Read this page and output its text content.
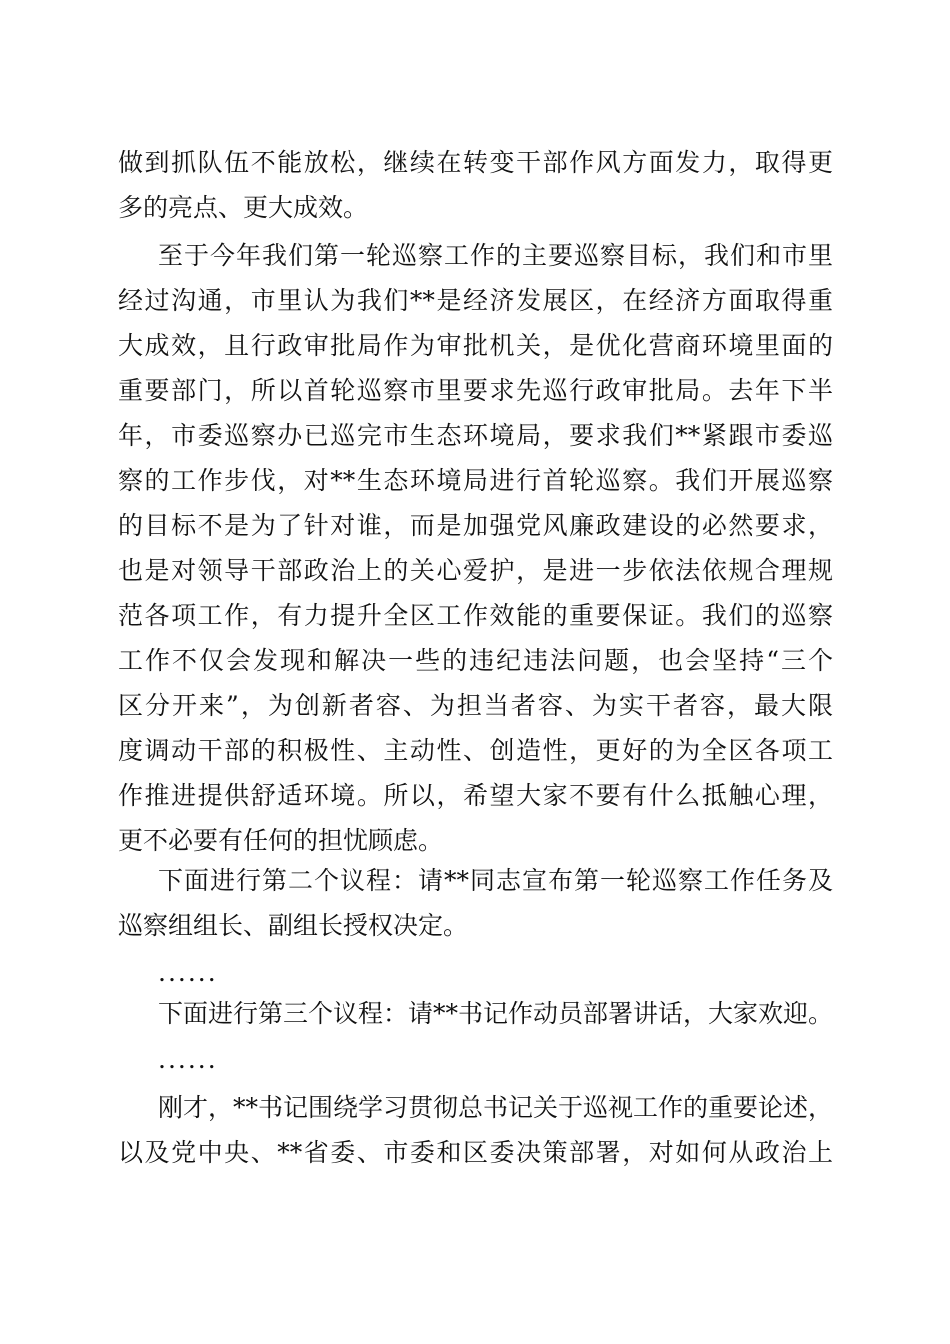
做到抓队伍不能放松，继续在转变干部作风方面发力，取得更
多的亮点、更大成效。
至于今年我们第一轮巡察工作的主要巡察目标，我们和市里
经过沟通，市里认为我们**是经济发展区，在经济方面取得重
大成效，且行政审批局作为审批机关，是优化营商环境里面的
重要部门，所以首轮巡察市里要求先巡行政审批局。去年下半
年，市委巡察办已巡完市生态环境局，要求我们**紧跟市委巡
察的工作步伐，对**生态环境局进行首轮巡察。我们开展巡察
的目标不是为了针对谁，而是加强党风廉政建设的必然要求，
也是对领导干部政治上的关心爱护，是进一步依法依规合理规
范各项工作，有力提升全区工作效能的重要保证。我们的巡察
工作不仅会发现和解决一些的违纪违法问题，也会坚持“三个
区分开来”，为创新者容、为担当者容、为实干者容，最大限
度调动干部的积极性、主动性、创造性，更好的为全区各项工
作推进提供舒适环境。所以，希望大家不要有什么抵触心理，
更不必要有任何的担忧顾虑。
下面进行第二个议程：请**同志宣布第一轮巡察工作任务及
巡察组组长、副组长授权决定。
......
下面进行第三个议程：请**书记作动员部署讲话，大家欢迎。
......
刚才，**书记围绕学习贯彻总书记关于巡视工作的重要论述，
以及党中央、**省委、市委和区委决策部署，对如何从政治上
